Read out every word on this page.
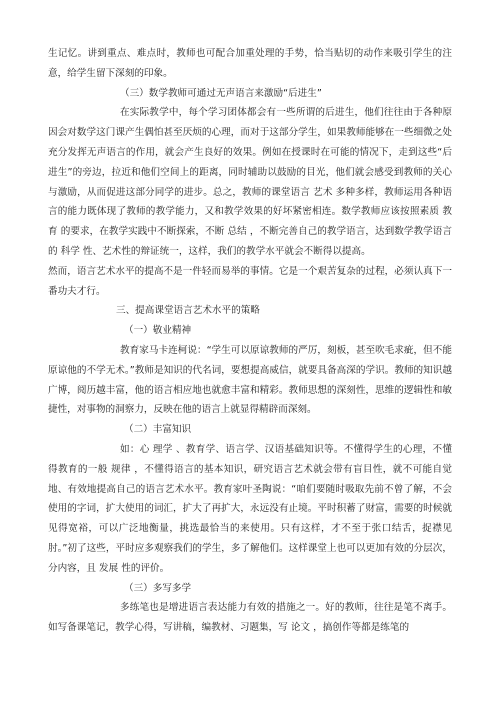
生记忆。讲到重点、难点时，教师也可配合加重处理的手势，恰当贴切的动作来吸引学生的注意，给学生留下深刻的印象。

（三）数学教师可通过无声语言来激励“后进生”

在实际教学中，每个学习团体都会有一些所谓的后进生，他们往往由于各种原因会对数学这门课产生偶怕甚至厌烦的心理，而对于这部分学生，如果教师能够在一些细微之处充分发挥无声语言的作用，就会产生良好的效果。例如在授课时在可能的情况下，走到这些“后进生”的旁边，拉近和他们空间上的距离，同时辅助以鼓励的目光，他们就会感受到教师的关心与激励，从而促进这部分同学的进步。总之，教师的课堂语言 艺术 多种多样，教师运用各种语言的能力既体现了教师的教学能力，又和教学效果的好坏紧密相连。数学教师应该按照素质 教育 的要求，在教学实践中不断探索，不断 总结 ，不断完善自己的教学语言，达到数学教学语言的 科学 性、艺术性的辩证统一，这样，我们的教学水平就会不断得以提高。

然而，语言艺术水平的提高不是一件轻而易举的事情。它是一个艰苦复杂的过程，必须认真下一番功夫才行。

三、提高课堂语言艺术水平的策略

（一）敬业精神

教育家马卡连柯说：“学生可以原谅教师的严厉，刻板，甚至吹毛求疵，但不能原谅他的不学无术。”教师是知识的代名词，要想提高威信，就要具备高深的学识。教师的知识越广博，阅历越丰富，他的语言相应地也就愈丰富和精彩。教师思想的深刻性，思维的逻辑性和敏捷性，对事物的洞察力，反映在他的语言上就显得精辟而深刻。

（二）丰富知识

如：心 理学 、教育学、语言学、汉语基础知识等。不懂得学生的心理，不懂得教育的一般 规律 ，不懂得语言的基本知识，研究语言艺术就会带有盲目性，就不可能自觉地、有效地提高自己的语言艺术水平。教育家叶圣陶说：“咱们要随时吸取先前不曾了解，不会使用的字词，扩大使用的词汇，扩大了再扩大，永远没有止境。平时积蓄了财富，需要的时候就见得宽裕，可以广泛地衡量，挑选最恰当的来使用。只有这样，才不至于张口结舌，捉襟见肘。”初了这些，平时应多观察我们的学生，多了解他们。这样课堂上也可以更加有效的分层次，分内容，且 发展 性的评价。

（三）多写多学

多练笔也是增进语言表达能力有效的措施之一。好的教师，往往是笔不离手。如写备课笔记，教学心得，写讲稿，编教材、习题集，写 论文 ，搞创作等都是练笔的
